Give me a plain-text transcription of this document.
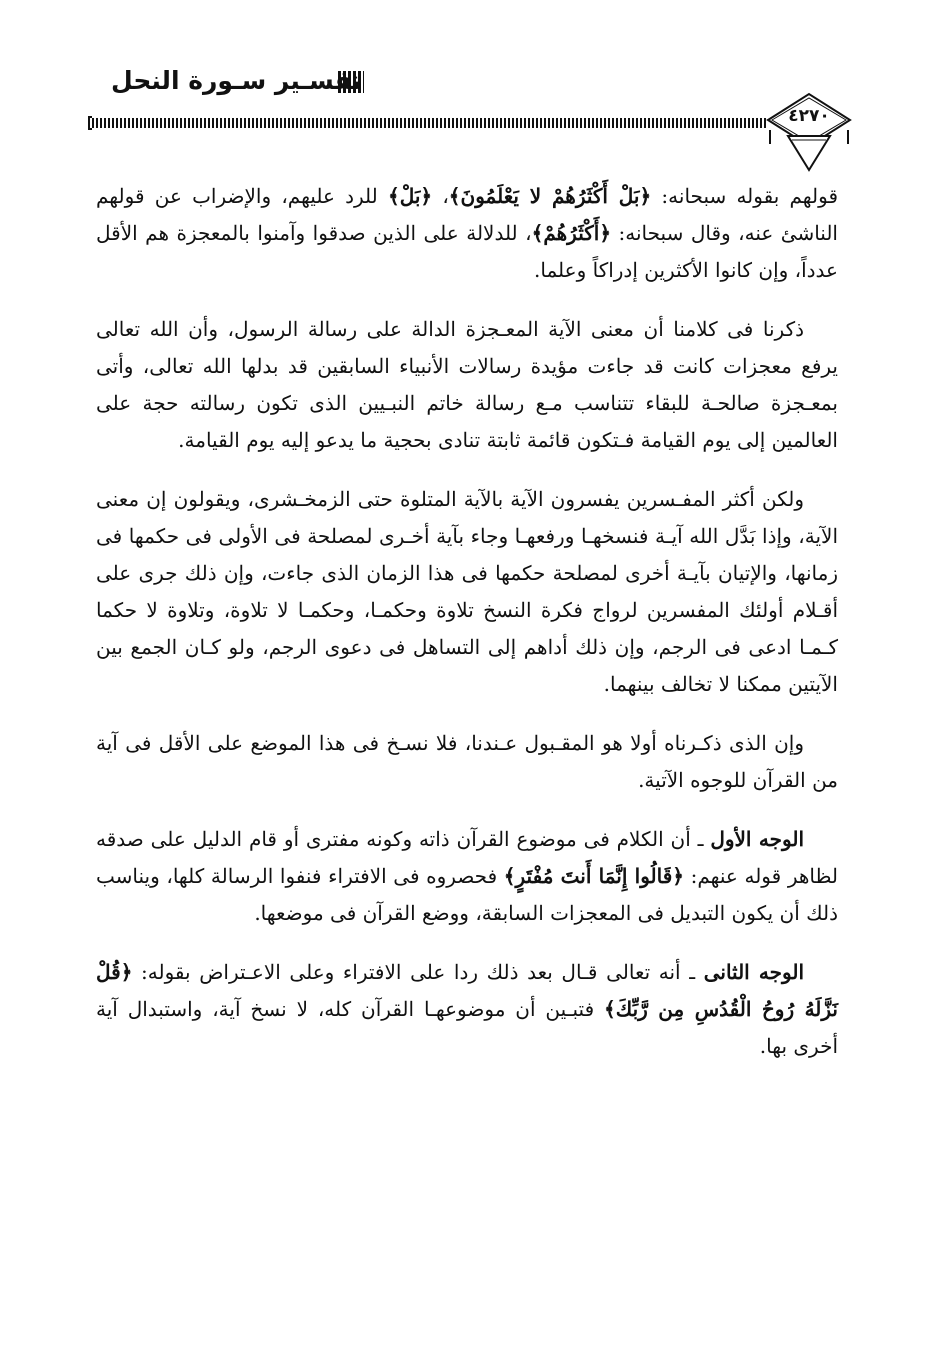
تفسـير سـورة النحل
٤٢٧٠

قولهم بقوله سبحانه: ﴿بَلْ أَكْثَرُهُمْ لا يَعْلَمُونَ﴾، ﴿بَلْ﴾ للرد عليهم، والإضراب عن قولهم الناشئ عنه، وقال سبحانه: ﴿أَكْثَرُهُمْ﴾، للدلالة على الذين صدقوا وآمنوا بالمعجزة هم الأقل عدداً، وإن كانوا الأكثرين إدراكاً وعلما.

ذكرنا فى كلامنا أن معنى الآية المعـجزة الدالة على رسالة الرسول، وأن الله تعالى يرفع معجزات كانت قد جاءت مؤيدة رسالات الأنبياء السابقين قد بدلها الله تعالى، وأتى بمعـجزة صالحـة للبقاء تتناسب مـع رسالة خاتم النبـيين الذى تكون رسالته حجة على العالمين إلى يوم القيامة فـتكون قائمة ثابتة تنادى بحجية ما يدعو إليه يوم القيامة.

ولكن أكثر المفـسرين يفسرون الآية بالآية المتلوة حتى الزمخـشرى، ويقولون إن معنى الآية، وإذا بَدَّل الله آيـة فنسخهـا ورفعهـا وجاء بآية أخـرى لمصلحة فى الأولى فى حكمها فى زمانها، والإتيان بآيـة أخرى لمصلحة حكمها فى هذا الزمان الذى جاءت، وإن ذلك جرى على أقـلام أولئك المفسرين لرواج فكرة النسخ تلاوة وحكمـا، وحكمـا لا تلاوة، وتلاوة لا حكما كـمـا ادعى فى الرجم، وإن ذلك أداهم إلى التساهل فى دعوى الرجم، ولو كـان الجمع بين الآيتين ممكنا لا تخالف بينهما.

وإن الذى ذكـرناه أولا هو المقـبول عـندنا، فلا نسـخ فى هذا الموضع على الأقل فى آية من القرآن للوجوه الآتية.

الوجه الأول ـ أن الكلام فى موضوع القرآن ذاته وكونه مفترى أو قام الدليل على صدقه لظاهر قوله عنهم: ﴿قَالُوا إِنَّمَا أَنتَ مُفْتَرٍ﴾ فحصروه فى الافتراء فنفوا الرسالة كلها، ويناسب ذلك أن يكون التبديل فى المعجزات السابقة، ووضع القرآن فى موضعها.

الوجه الثانى ـ أنه تعالى قـال بعد ذلك ردا على الافتراء وعلى الاعـتراض بقوله: ﴿قُلْ نَزَّلَهُ رُوحُ الْقُدُسِ مِن رَّبِّكَ﴾ فتبـين أن موضوعهـا القرآن كله، لا نسخ آية، واستبدال آية أخرى بها.
